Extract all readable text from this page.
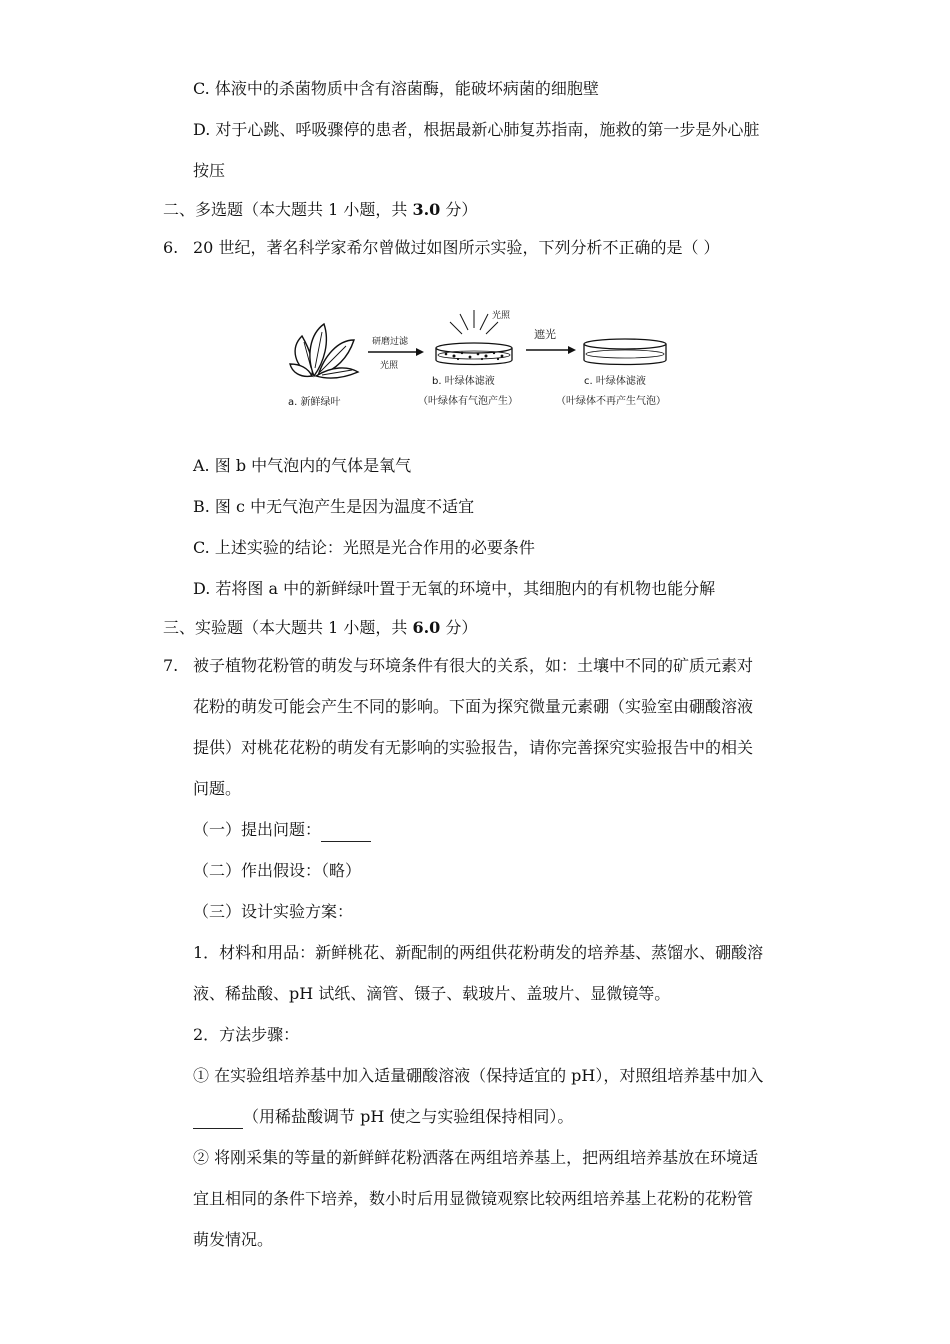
C. 体液中的杀菌物质中含有溶菌酶，能破坏病菌的细胞壁
D. 对于心跳、呼吸骤停的患者，根据最新心肺复苏指南，施救的第一步是外心脏
按压
二、多选题（本大题共 1 小题，共 3.0 分）
6. 20 世纪，著名科学家希尔曾做过如图所示实验，下列分析不正确的是（ ）
a. 新鲜绿叶
研磨过滤
光照
光照
b. 叶绿体滤液
（叶绿体有气泡产生）
遮光
c. 叶绿体滤液
（叶绿体不再产生气泡）
A. 图 b 中气泡内的气体是氧气
B. 图 c 中无气泡产生是因为温度不适宜
C. 上述实验的结论：光照是光合作用的必要条件
D. 若将图 a 中的新鲜绿叶置于无氧的环境中，其细胞内的有机物也能分解
三、实验题（本大题共 1 小题，共 6.0 分）
7. 被子植物花粉管的萌发与环境条件有很大的关系，如：土壤中不同的矿质元素对
花粉的萌发可能会产生不同的影响。下面为探究微量元素硼（实验室由硼酸溶液
提供）对桃花花粉的萌发有无影响的实验报告，请你完善探究实验报告中的相关
问题。
（一）提出问题：
（二）作出假设：（略）
（三）设计实验方案：
1．材料和用品：新鲜桃花、新配制的两组供花粉萌发的培养基、蒸馏水、硼酸溶
液、稀盐酸、pH 试纸、滴管、镊子、载玻片、盖玻片、显微镜等。
2．方法步骤：
① 在实验组培养基中加入适量硼酸溶液（保持适宜的 pH），对照组培养基中加入
（用稀盐酸调节 pH 使之与实验组保持相同）。
② 将刚采集的等量的新鲜鲜花粉洒落在两组培养基上，把两组培养基放在环境适
宜且相同的条件下培养，数小时后用显微镜观察比较两组培养基上花粉的花粉管
萌发情况。
